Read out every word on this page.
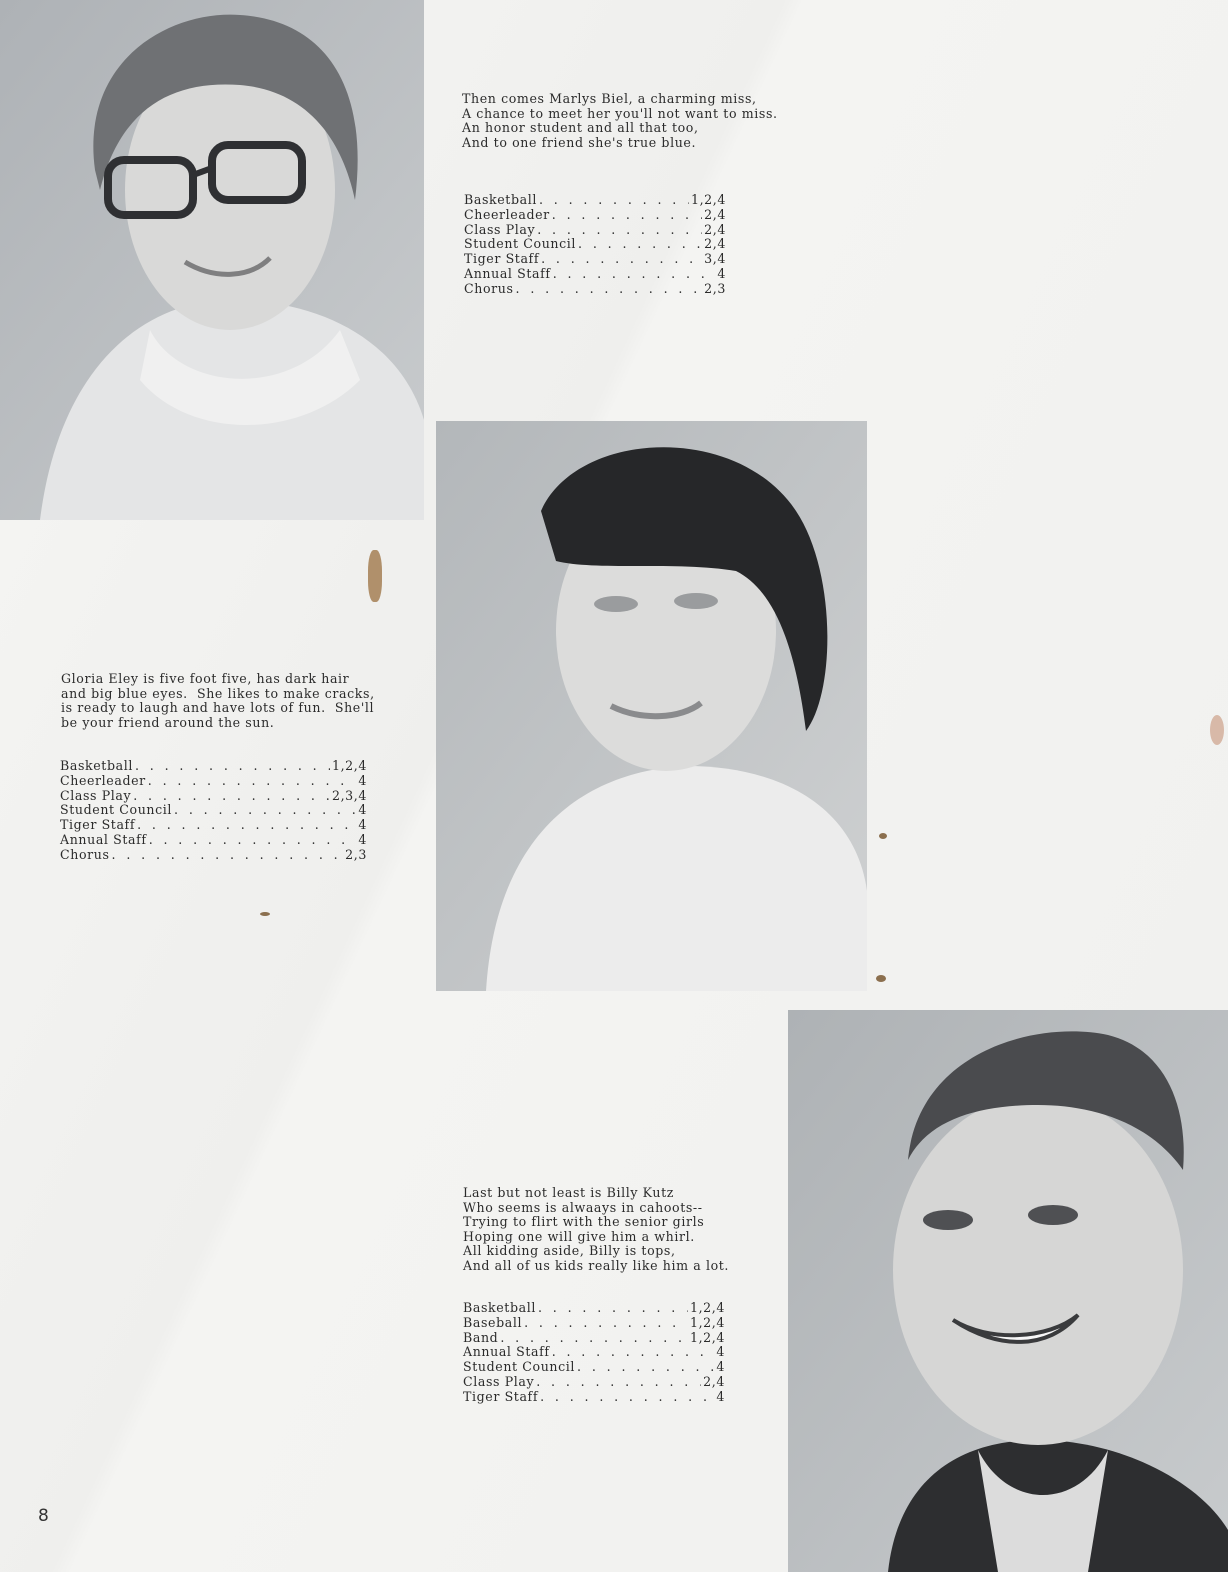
Then comes Marlys Biel, a charming miss,
A chance to meet her you'll not want to miss.
An honor student and all that too,
And to one friend she's true blue.

Basketball . . .	1,2,4
Cheerleader . . .	2,4
Class Play . . .	2,4
Student Council . . .	2,4
Tiger Staff . . .	3,4
Annual Staff . . .	4
Chorus . . .	2,3

Gloria Eley is five foot five, has dark hair
and big blue eyes.  She likes to make cracks,
is ready to laugh and have lots of fun.  She'll
be your friend around the sun.

Basketball . . .	1,2,4
Cheerleader . . .	4
Class Play . . .	2,3,4
Student Council . . .	4
Tiger Staff . . .	4
Annual Staff . . .	4
Chorus . . .	2,3

Last but not least is Billy Kutz
Who seems is alwaays in cahoots--
Trying to flirt with the senior girls
Hoping one will give him a whirl.
All kidding aside, Billy is tops,
And all of us kids really like him a lot.

Basketball . . .	1,2,4
Baseball . . .	1,2,4
Band . . .	1,2,4
Annual Staff . . .	4
Student Council . . .	4
Class Play . . .	2,4
Tiger Staff . . .	4
8
